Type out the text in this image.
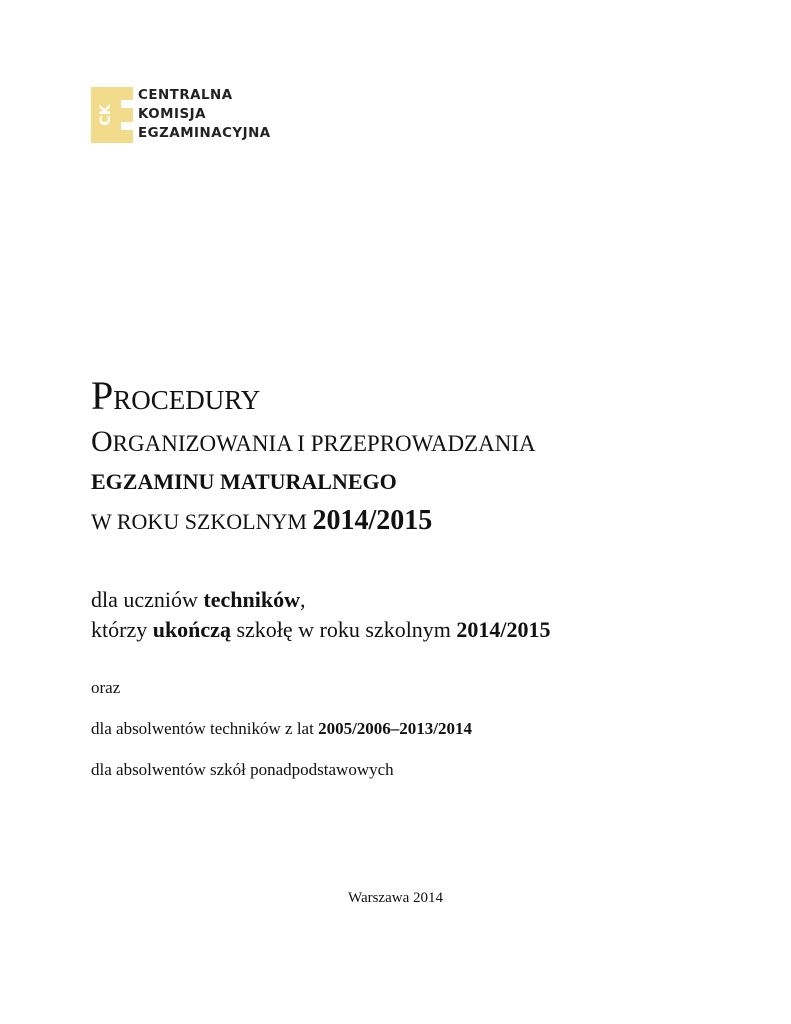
CK
CENTRALNA
KOMISJA
EGZAMINACYJNA
PROCEDURY
ORGANIZOWANIA I PRZEPROWADZANIA
EGZAMINU MATURALNEGO
W ROKU SZKOLNYM 2014/2015
dla uczniów techników,
którzy ukończą szkołę w roku szkolnym 2014/2015
oraz
dla absolwentów techników z lat 2005/2006–2013/2014
dla absolwentów szkół ponadpodstawowych
Warszawa 2014
